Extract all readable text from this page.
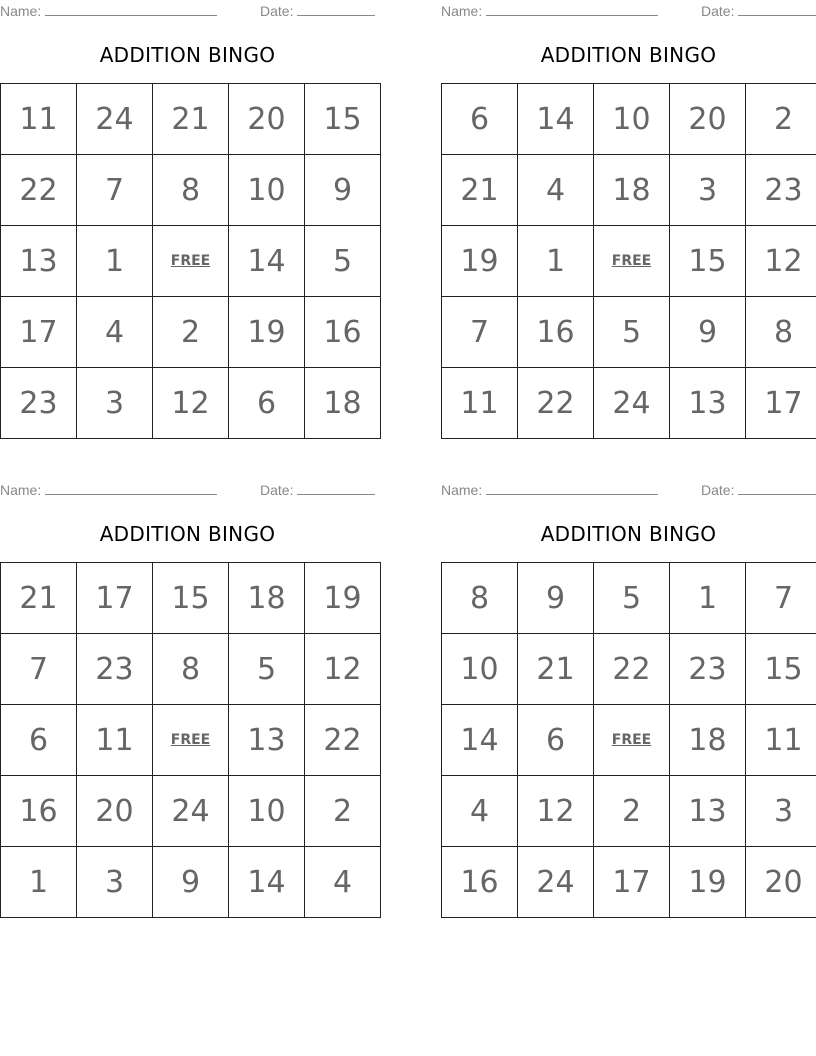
Name:	Date:
ADDITION BINGO
11	24	21	20	15
22	7	8	10	9
13	1	FREE	14	5
17	4	2	19	16
23	3	12	6	18
Name:	Date:
ADDITION BINGO
6	14	10	20	2
21	4	18	3	23
19	1	FREE	15	12
7	16	5	9	8
11	22	24	13	17
Name:	Date:
ADDITION BINGO
21	17	15	18	19
7	23	8	5	12
6	11	FREE	13	22
16	20	24	10	2
1	3	9	14	4
Name:	Date:
ADDITION BINGO
8	9	5	1	7
10	21	22	23	15
14	6	FREE	18	11
4	12	2	13	3
16	24	17	19	20
